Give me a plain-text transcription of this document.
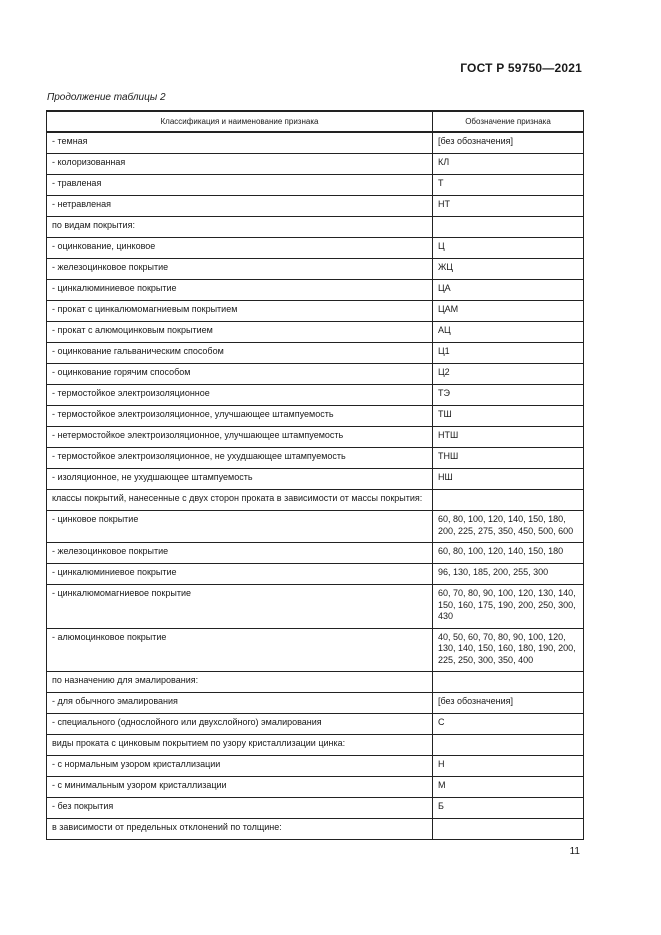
ГОСТ Р 59750—2021
Продолжение таблицы 2
Классификация и наименование признака	Обозначение признака
- темная	[без обозначения]
- колоризованная	КЛ
- травленая	Т
- нетравленая	НТ
по видам покрытия:	
- оцинкование, цинковое	Ц
- железоцинковое покрытие	ЖЦ
- цинкалюминиевое покрытие	ЦА
- прокат с цинкалюмомагниевым покрытием	ЦАМ
- прокат с алюмоцинковым покрытием	АЦ
- оцинкование гальваническим способом	Ц1
- оцинкование горячим способом	Ц2
- термостойкое электроизоляционное	ТЭ
- термостойкое электроизоляционное, улучшающее штампуемость	ТШ
- нетермостойкое электроизоляционное, улучшающее штампуемость	НТШ
- термостойкое электроизоляционное, не ухудшающее штампуемость	ТНШ
- изоляционное, не ухудшающее штампуемость	НШ
классы покрытий, нанесенные с двух сторон проката в зависимости от массы покрытия:	
- цинковое покрытие	60, 80, 100, 120, 140, 150, 180, 200, 225, 275, 350, 450, 500, 600
- железоцинковое покрытие	60, 80, 100, 120, 140, 150, 180
- цинкалюминиевое покрытие	96, 130, 185, 200, 255, 300
- цинкалюмомагниевое покрытие	60, 70, 80, 90, 100, 120, 130, 140, 150, 160, 175, 190, 200, 250, 300, 430
- алюмоцинковое покрытие	40, 50, 60, 70, 80, 90, 100, 120, 130, 140, 150, 160, 180, 190, 200, 225, 250, 300, 350, 400
по назначению для эмалирования:	
- для обычного эмалирования	[без обозначения]
- специального (однослойного или двухслойного) эмалирования	С
виды проката с цинковым покрытием по узору кристаллизации цинка:	
- с нормальным узором кристаллизации	Н
- с минимальным узором кристаллизации	М
- без покрытия	Б
в зависимости от предельных отклонений по толщине:	
11
